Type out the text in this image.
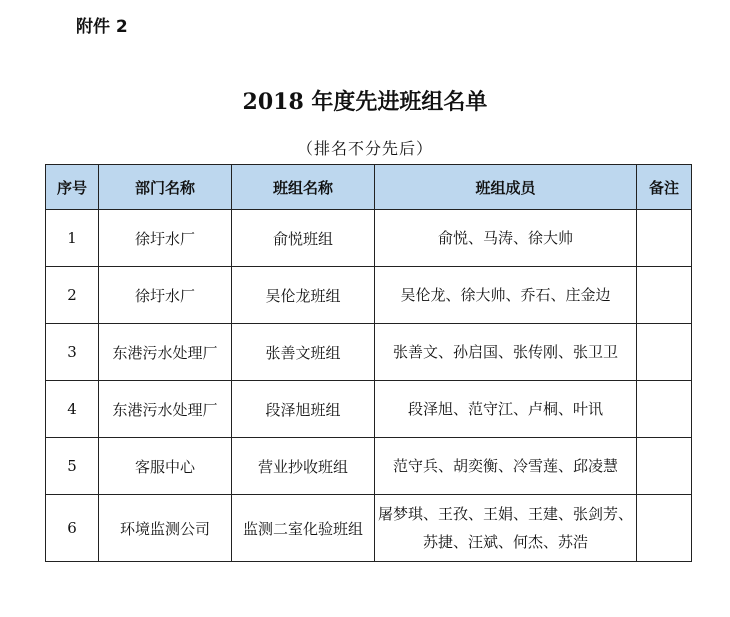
附件 2
2018 年度先进班组名单
（排名不分先后）
序号	部门名称	班组名称	班组成员	备注
1	徐圩水厂	俞悦班组	俞悦、马涛、徐大帅	
2	徐圩水厂	吴伦龙班组	吴伦龙、徐大帅、乔石、庄金边	
3	东港污水处理厂	张善文班组	张善文、孙启国、张传刚、张卫卫	
4	东港污水处理厂	段泽旭班组	段泽旭、范守江、卢桐、叶讯	
5	客服中心	营业抄收班组	范守兵、胡奕衡、冷雪莲、邱凌慧	
6	环境监测公司	监测二室化验班组	屠梦琪、王孜、王娟、王建、张剑芳、苏捷、汪斌、何杰、苏浩	
